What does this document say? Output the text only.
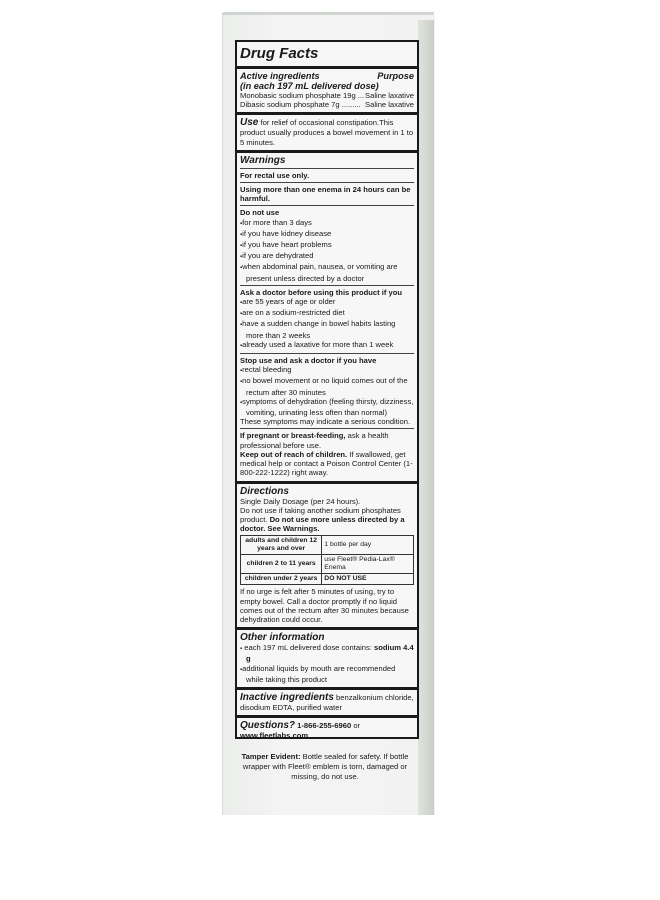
Drug Facts
Active ingredients	Purpose
(in each 197 mL delivered dose)
Monobasic sodium phosphate 19g ... Saline laxative
Dibasic sodium phosphate 7g ......... Saline laxative
Use for relief of occasional constipation.This product usually produces a bowel movement in 1 to 5 minutes.
Warnings
For rectal use only.
Using more than one enema in 24 hours can be harmful.
Do not use
▪ for more than 3 days
▪ if you have kidney disease
▪ if you have heart problems
▪ if you are dehydrated
▪ when abdominal pain, nausea, or vomiting are present unless directed by a doctor
Ask a doctor before using this product if you
▪ are 55 years of age or older
▪ are on a sodium-restricted diet
▪ have a sudden change in bowel habits lasting more than 2 weeks
▪ already used a laxative for more than 1 week
Stop use and ask a doctor if you have
▪ rectal bleeding
▪ no bowel movement or no liquid comes out of the rectum after 30 minutes
▪ symptoms of dehydration (feeling thirsty, dizziness, vomiting, urinating less often than normal)
These symptoms may indicate a serious condition.
If pregnant or breast-feeding, ask a health professional before use.
Keep out of reach of children. If swallowed, get medical help or contact a Poison Control Center (1-800-222-1222) right away.
Directions
Single Daily Dosage (per 24 hours).
Do not use if taking another sodium phosphates product. Do not use more unless directed by a doctor. See Warnings.
adults and children 12 years and over	1 bottle per day
children 2 to 11 years	use Fleet® Pedia-Lax® Enema
children under 2 years	DO NOT USE
If no urge is felt after 5 minutes of using, try to empty bowel. Call a doctor promptly if no liquid comes out of the rectum after 30 minutes because dehydration could occur.
Other information
▪ each 197 mL delivered dose contains: sodium 4.4 g
▪ additional liquids by mouth are recommended while taking this product
Inactive ingredients benzalkonium chloride, disodium EDTA, purified water
Questions? 1-866-255-6960 or
www.fleetlabs.com
Tamper Evident: Bottle sealed for safety. If bottle wrapper with Fleet® emblem is torn, damaged or missing, do not use.
